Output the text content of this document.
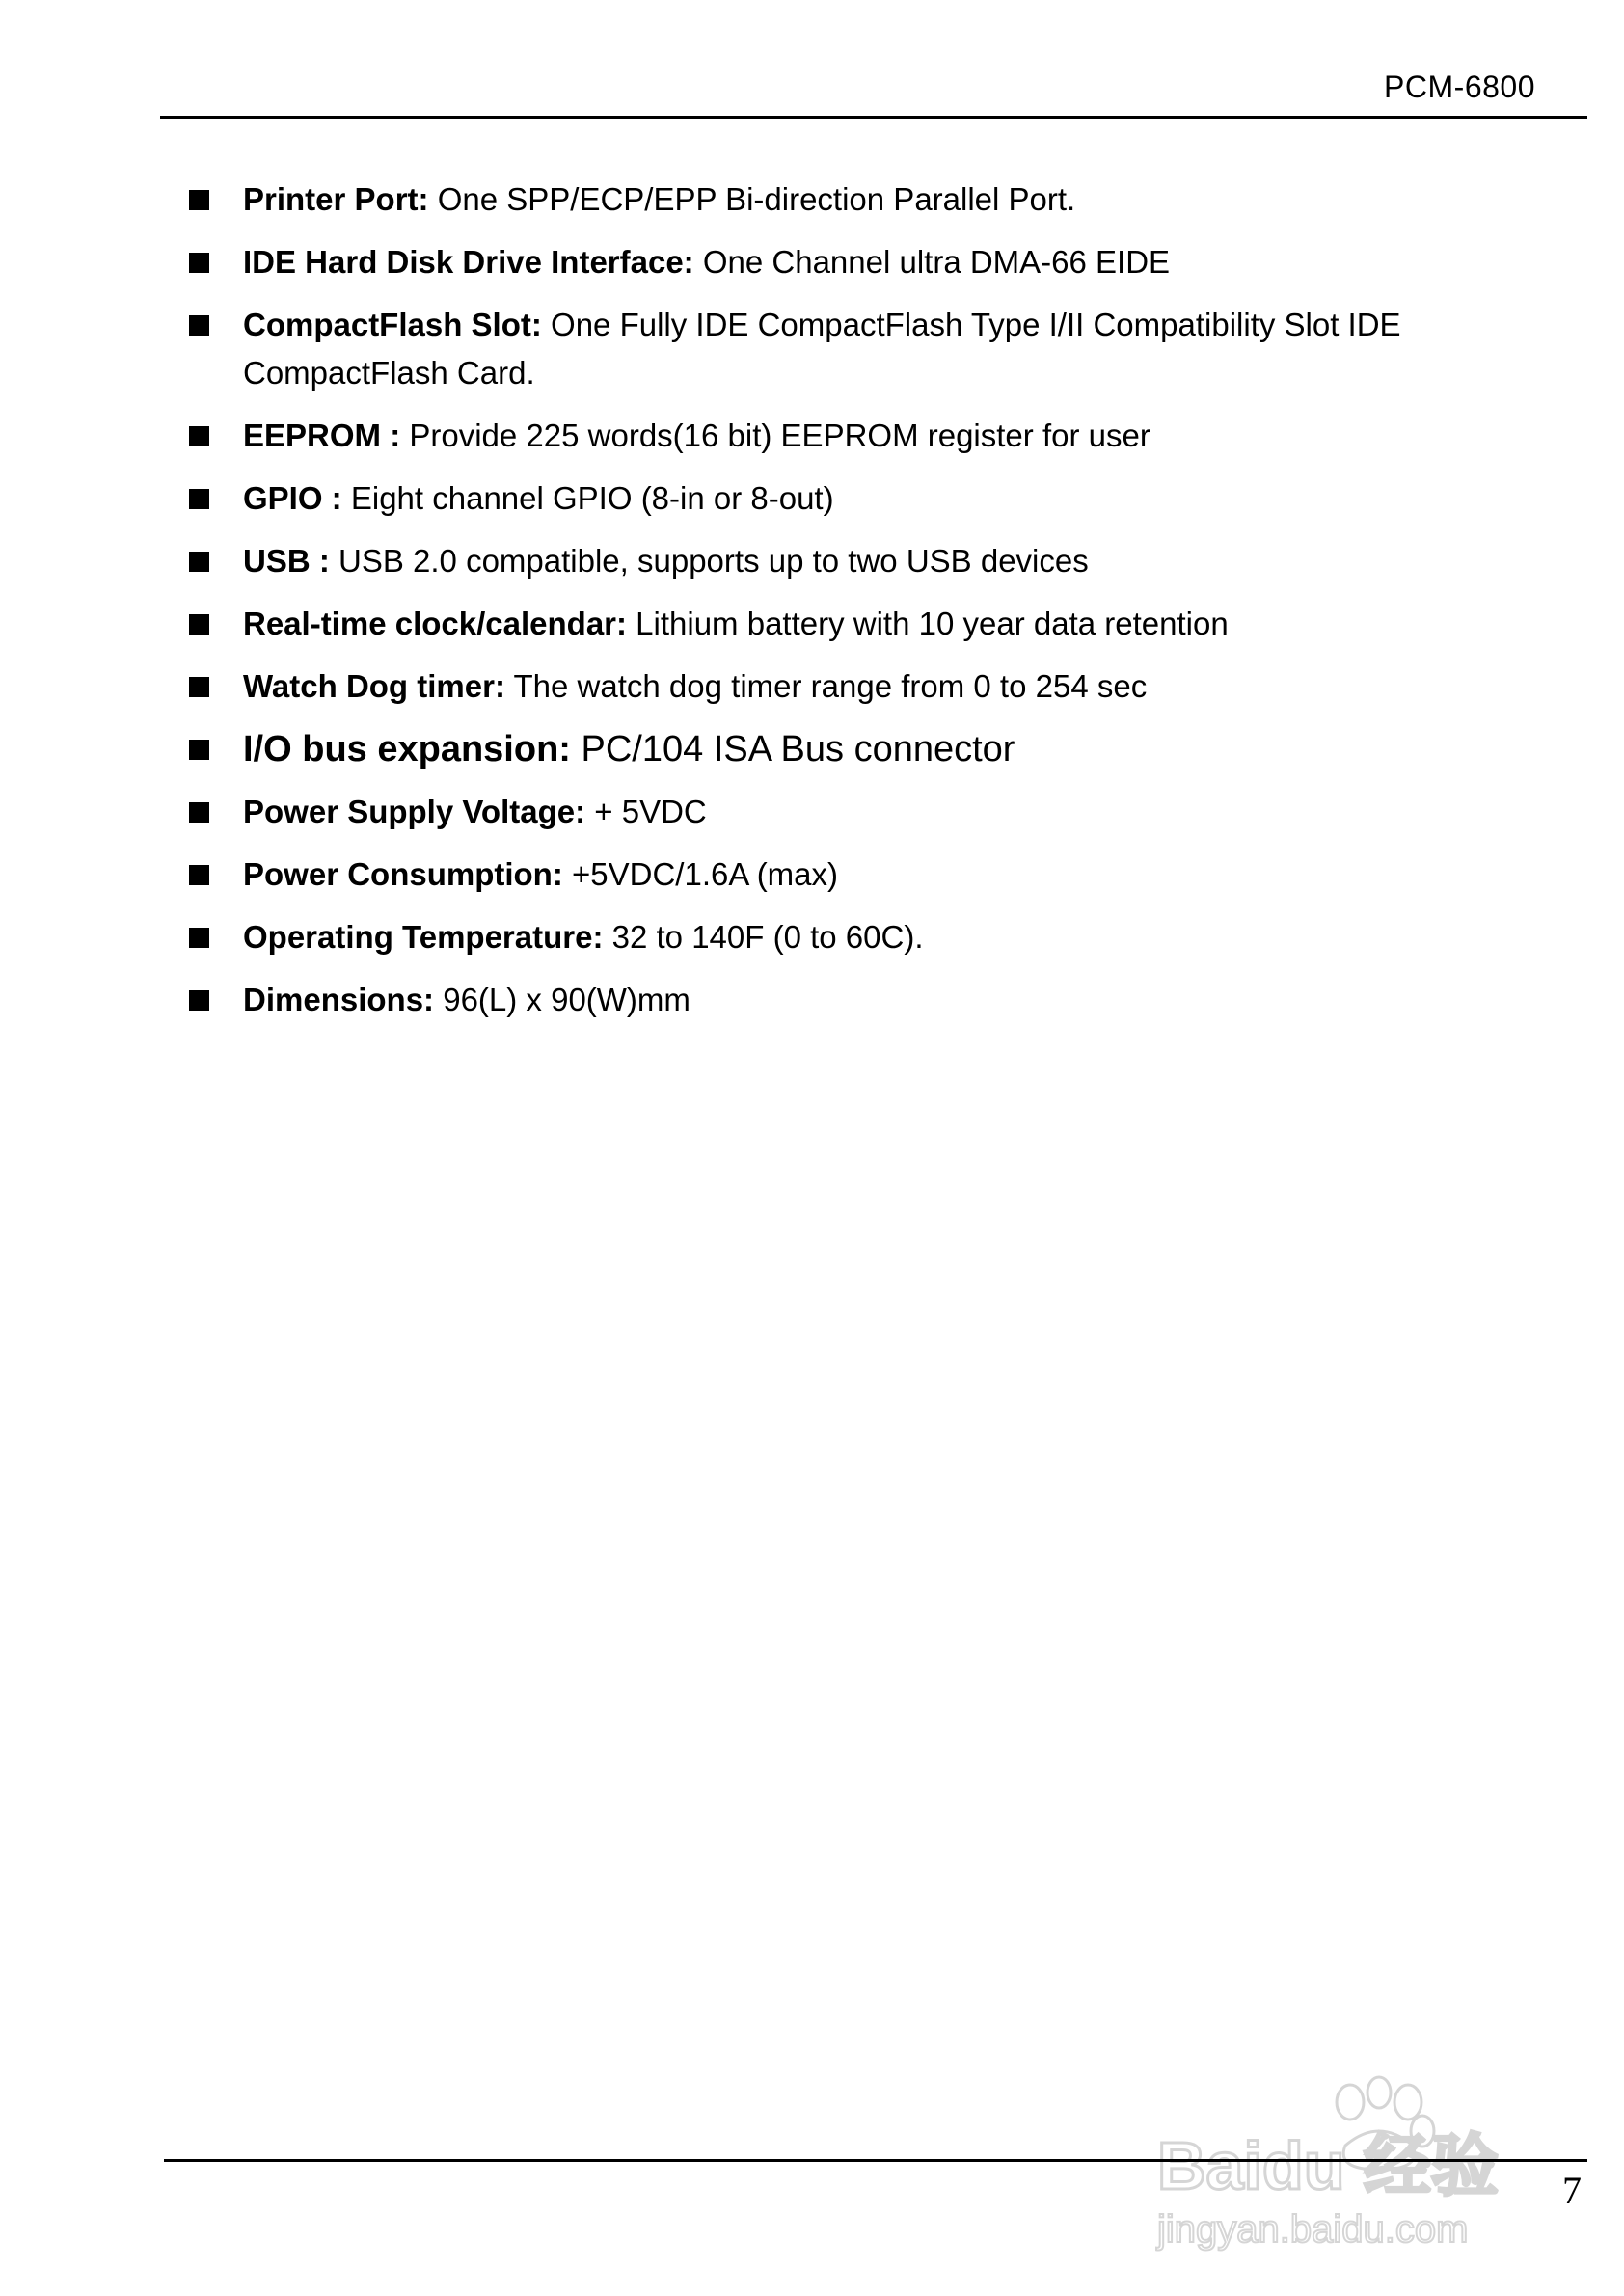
PCM-6800
Printer Port: One SPP/ECP/EPP Bi-direction Parallel Port.
IDE Hard Disk Drive Interface: One Channel ultra DMA-66 EIDE
CompactFlash Slot: One Fully IDE CompactFlash Type I/II Compatibility Slot IDE CompactFlash Card.
EEPROM : Provide 225 words(16 bit) EEPROM register for user
GPIO : Eight channel GPIO (8-in or 8-out)
USB : USB 2.0 compatible, supports up to two USB devices
Real-time clock/calendar: Lithium battery with 10 year data retention
Watch Dog timer: The watch dog timer range from 0 to 254 sec
I/O bus expansion: PC/104 ISA Bus connector
Power Supply Voltage: + 5VDC
Power Consumption: +5VDC/1.6A (max)
Operating Temperature: 32 to 140F (0 to 60C).
Dimensions: 96(L) x 90(W)mm
Baidu 经验
jingyan.baidu.com
7
